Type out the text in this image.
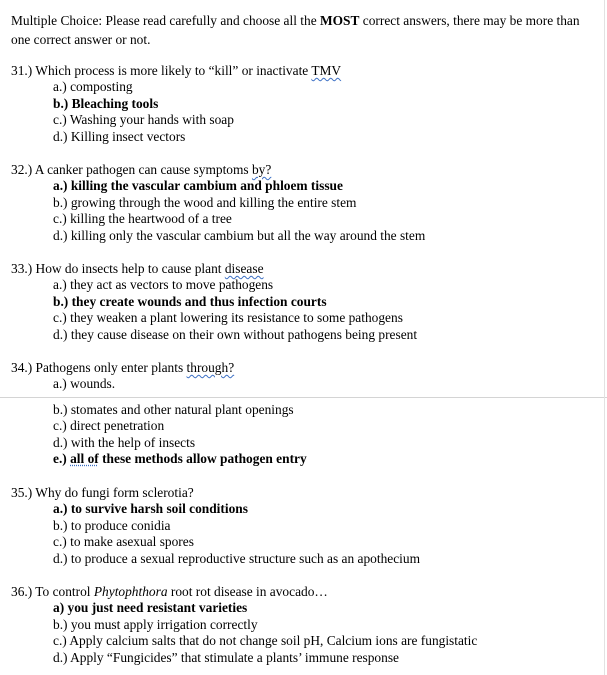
Multiple Choice: Please read carefully and choose all the MOST correct answers, there may be more than one correct answer or not.
31.) Which process is more likely to “kill” or inactivate TMV
a.) composting
b.) Bleaching tools
c.) Washing your hands with soap
d.) Killing insect vectors
32.) A canker pathogen can cause symptoms by?
a.) killing the vascular cambium and phloem tissue
b.) growing through the wood and killing the entire stem
c.) killing the heartwood of a tree
d.) killing only the vascular cambium but all the way around the stem
33.) How do insects help to cause plant disease
a.) they act as vectors to move pathogens
b.) they create wounds and thus infection courts
c.) they weaken a plant lowering its resistance to some pathogens
d.) they cause disease on their own without pathogens being present
34.) Pathogens only enter plants through?
a.) wounds.
b.) stomates and other natural plant openings
c.) direct penetration
d.) with the help of insects
e.) all of these methods allow pathogen entry
35.) Why do fungi form sclerotia?
a.) to survive harsh soil conditions
b.) to produce conidia
c.) to make asexual spores
d.) to produce a sexual reproductive structure such as an apothecium
36.) To control Phytophthora root rot disease in avocado…
a) you just need resistant varieties
b.) you must apply irrigation correctly
c.) Apply calcium salts that do not change soil pH, Calcium ions are fungistatic
d.) Apply “Fungicides” that stimulate a plants’ immune response
